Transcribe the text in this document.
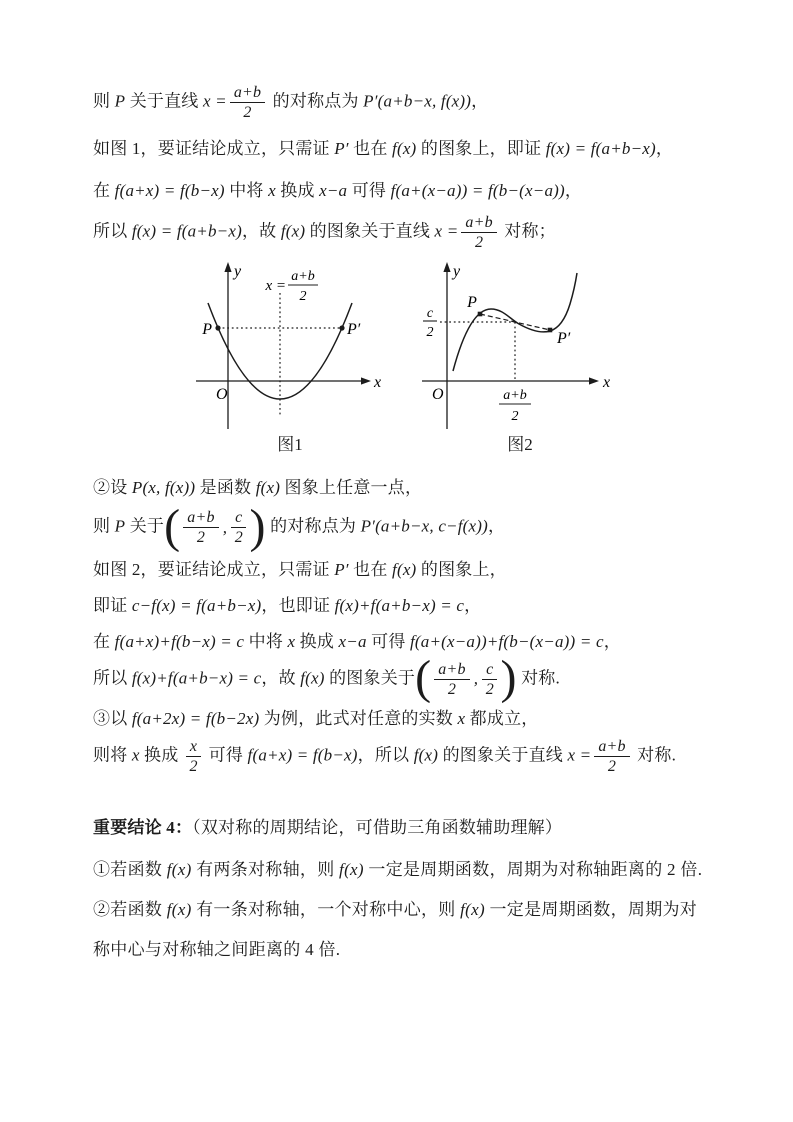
则 P 关于直线 $x = \frac{a+b}{2}$ 的对称点为 P′(a+b−x, f(x))，

如图 1，要证结论成立，只需证 P′ 也在 f(x) 的图象上，即证 f(x) = f(a+b−x)，

在 f(a+x) = f(b−x) 中将 x 换成 x−a 可得 f(a+(x−a)) = f(b−(x−a))，

所以 f(x) = f(a+b−x)，故 f(x) 的图象关于直线 $x = \frac{a+b}{2}$ 对称；

P	P′
y
x
O
x =
a+b
2

图1

P
P′
y
x
O
c
2
a+b
2

图2

②设 P(x, f(x)) 是函数 f(x) 图象上任意一点，

则 P 关于( $\frac{a+b}{2}$ , $\frac{c}{2}$ ) 的对称点为 P′(a+b−x, c−f(x))，

如图 2，要证结论成立，只需证 P′ 也在 f(x) 的图象上，

即证 c−f(x) = f(a+b−x)，也即证 f(x)+f(a+b−x) = c，

在 f(a+x)+f(b−x) = c 中将 x 换成 x−a 可得 f(a+(x−a))+f(b−(x−a)) = c，

所以 f(x)+f(a+b−x) = c，故 f(x) 的图象关于( $\frac{a+b}{2}$ , $\frac{c}{2}$ ) 对称.

③以 f(a+2x) = f(b−2x) 为例，此式对任意的实数 x 都成立，

则将 x 换成 $\frac{x}{2}$ 可得 f(a+x) = f(b−x)，所以 f(x) 的图象关于直线 $x = \frac{a+b}{2}$ 对称.

重要结论 4：（双对称的周期结论，可借助三角函数辅助理解）

①若函数 f(x) 有两条对称轴，则 f(x) 一定是周期函数，周期为对称轴距离的 2 倍.

②若函数 f(x) 有一条对称轴，一个对称中心，则 f(x) 一定是周期函数，周期为对称中心与对称轴之间距离的 4 倍.
